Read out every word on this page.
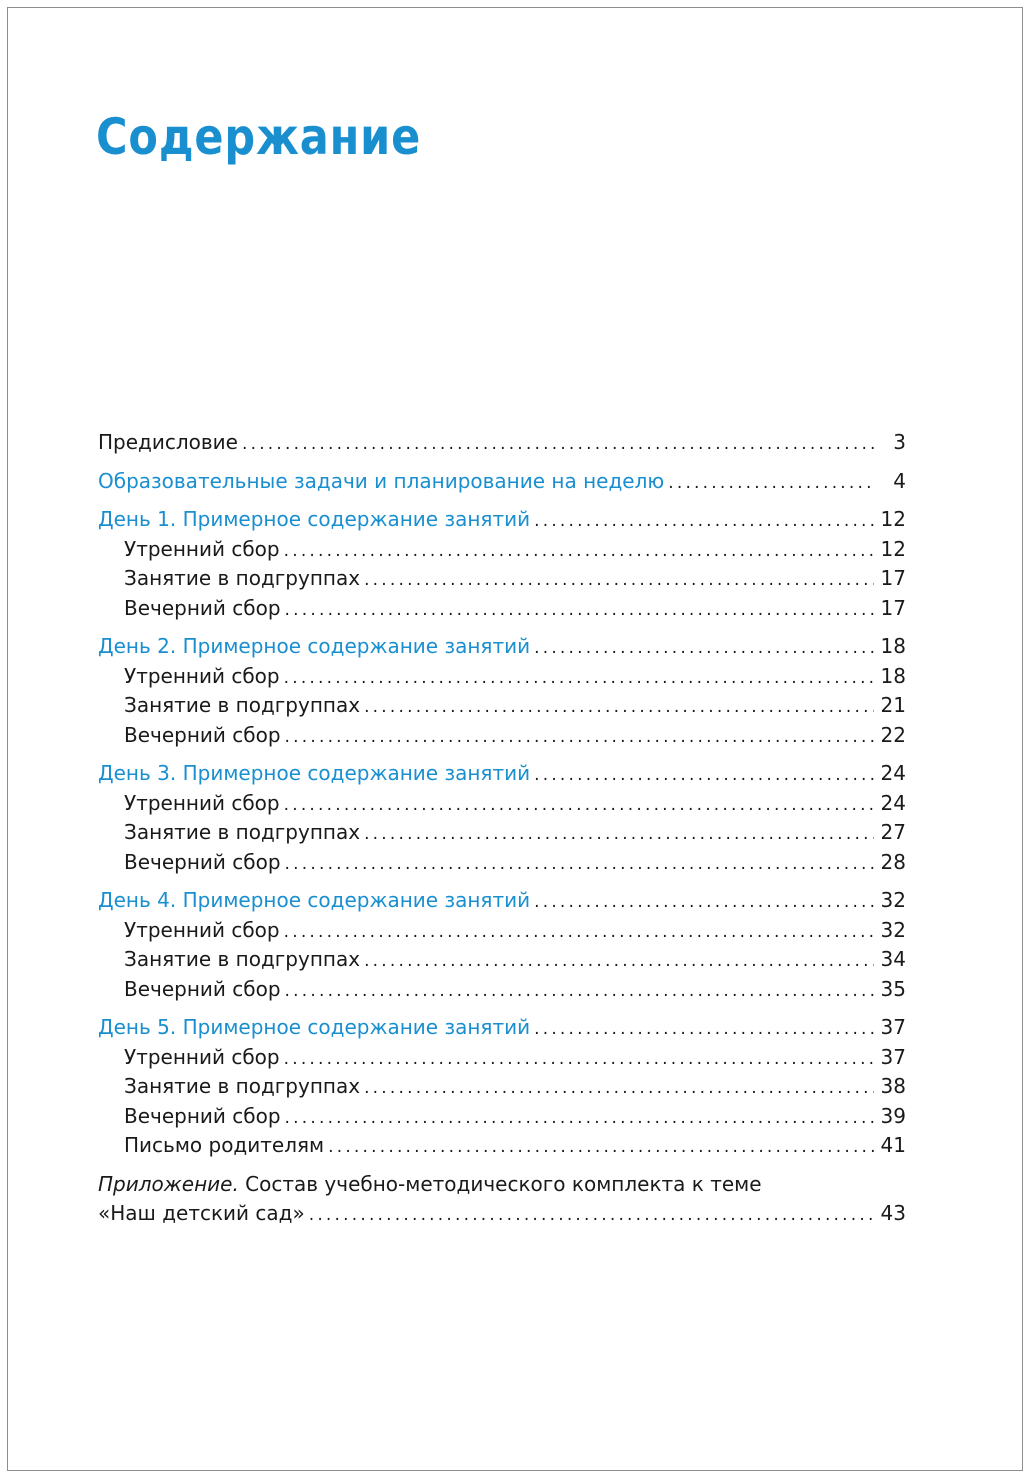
Содержание
Предисловие .....	3
Образовательные задачи и планирование на неделю .....	4
День 1. Примерное содержание занятий .....	12
Утренний сбор .....	12
Занятие в подгруппах .....	17
Вечерний сбор .....	17
День 2. Примерное содержание занятий .....	18
Утренний сбор .....	18
Занятие в подгруппах .....	21
Вечерний сбор .....	22
День 3. Примерное содержание занятий .....	24
Утренний сбор .....	24
Занятие в подгруппах .....	27
Вечерний сбор .....	28
День 4. Примерное содержание занятий .....	32
Утренний сбор .....	32
Занятие в подгруппах .....	34
Вечерний сбор .....	35
День 5. Примерное содержание занятий .....	37
Утренний сбор .....	37
Занятие в подгруппах .....	38
Вечерний сбор .....	39
Письмо родителям .....	41
Приложение. Состав учебно-методического комплекта к теме
«Наш детский сад» .....	43
